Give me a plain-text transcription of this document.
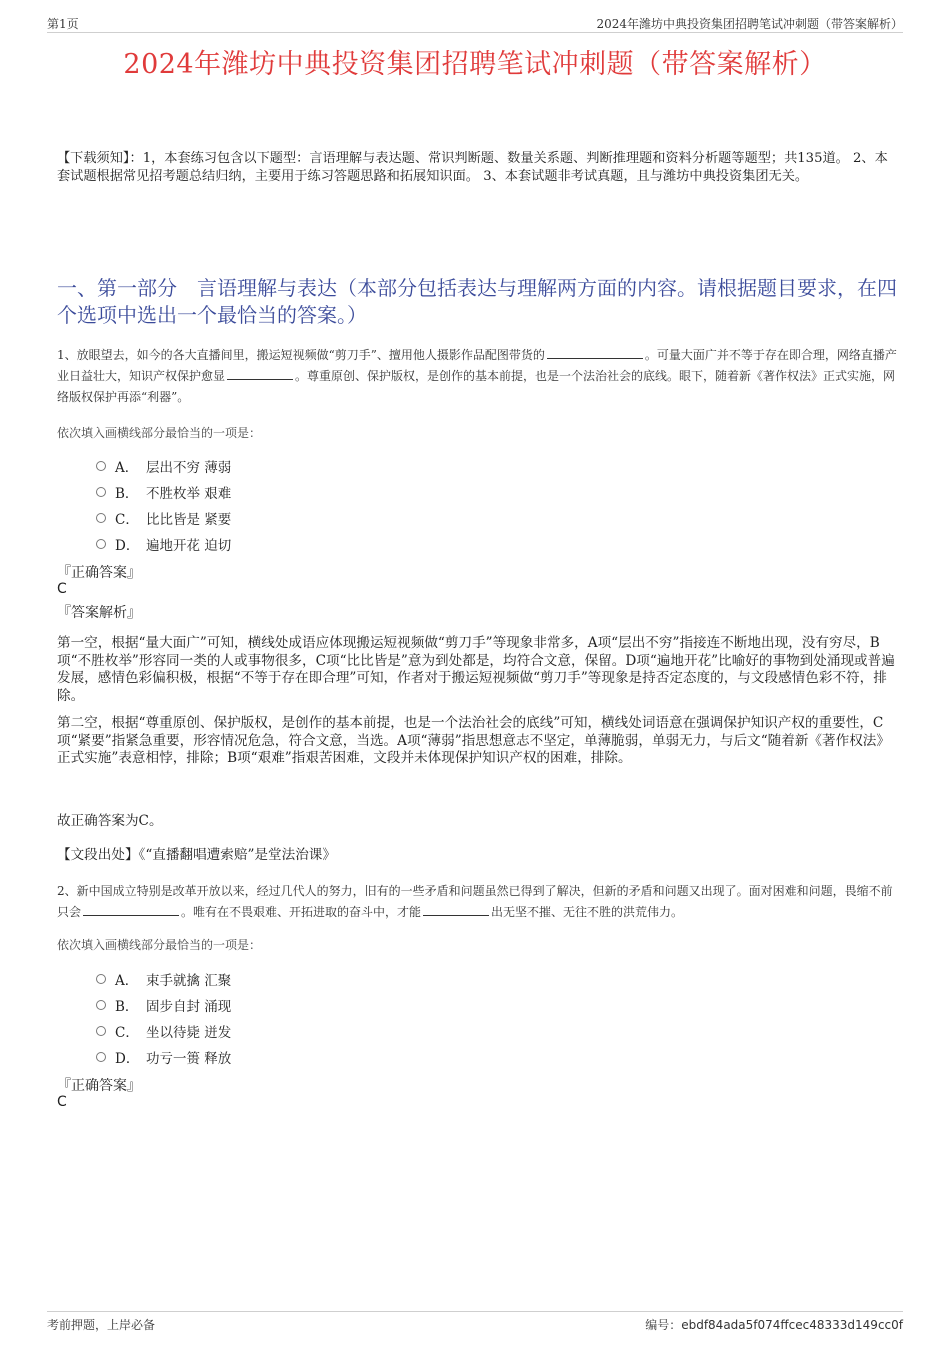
第1页	2024年潍坊中典投资集团招聘笔试冲刺题（带答案解析）
2024年潍坊中典投资集团招聘笔试冲刺题（带答案解析）
【下载须知】：1，本套练习包含以下题型：言语理解与表达题、常识判断题、数量关系题、判断推理题和资料分析题等题型；共135道。 2、本套试题根据常见招考题总结归纳，主要用于练习答题思路和拓展知识面。 3、本套试题非考试真题，且与潍坊中典投资集团无关。
一、第一部分　言语理解与表达（本部分包括表达与理解两方面的内容。请根据题目要求，在四个选项中选出一个最恰当的答案。）
1、放眼望去，如今的各大直播间里，搬运短视频做“剪刀手”、擅用他人摄影作品配图带货的	。可量大面广并不等于存在即合理，网络直播产业日益壮大，知识产权保护愈显	。尊重原创、保护版权，是创作的基本前提，也是一个法治社会的底线。眼下，随着新《著作权法》正式实施，网络版权保护再添“利器”。
依次填入画横线部分最恰当的一项是：
A． 层出不穷 薄弱
B． 不胜枚举 艰难
C． 比比皆是 紧要
D． 遍地开花 迫切
『正确答案』
C
『答案解析』
第一空，根据“量大面广”可知，横线处成语应体现搬运短视频做“剪刀手”等现象非常多，A项“层出不穷”指接连不断地出现，没有穷尽，B项“不胜枚举”形容同一类的人或事物很多，C项“比比皆是”意为到处都是，均符合文意，保留。D项“遍地开花”比喻好的事物到处涌现或普遍发展，感情色彩偏积极，根据“不等于存在即合理”可知，作者对于搬运短视频做“剪刀手”等现象是持否定态度的，与文段感情色彩不符，排除。
第二空，根据“尊重原创、保护版权，是创作的基本前提，也是一个法治社会的底线”可知，横线处词语意在强调保护知识产权的重要性，C项“紧要”指紧急重要，形容情况危急，符合文意，当选。A项“薄弱”指思想意志不坚定，单薄脆弱，单弱无力，与后文“随着新《著作权法》正式实施”表意相悖，排除；B项“艰难”指艰苦困难，文段并未体现保护知识产权的困难，排除。
故正确答案为C。
【文段出处】《“直播翻唱遭索赔”是堂法治课》
2、新中国成立特别是改革开放以来，经过几代人的努力，旧有的一些矛盾和问题虽然已得到了解决，但新的矛盾和问题又出现了。面对困难和问题，畏缩不前只会	。唯有在不畏艰难、开拓进取的奋斗中，才能	出无坚不摧、无往不胜的洪荒伟力。
依次填入画横线部分最恰当的一项是：
A． 束手就擒 汇聚
B． 固步自封 涌现
C． 坐以待毙 迸发
D． 功亏一篑 释放
『正确答案』
C
考前押题，上岸必备	编号：ebdf84ada5f074ffcec48333d149cc0f
